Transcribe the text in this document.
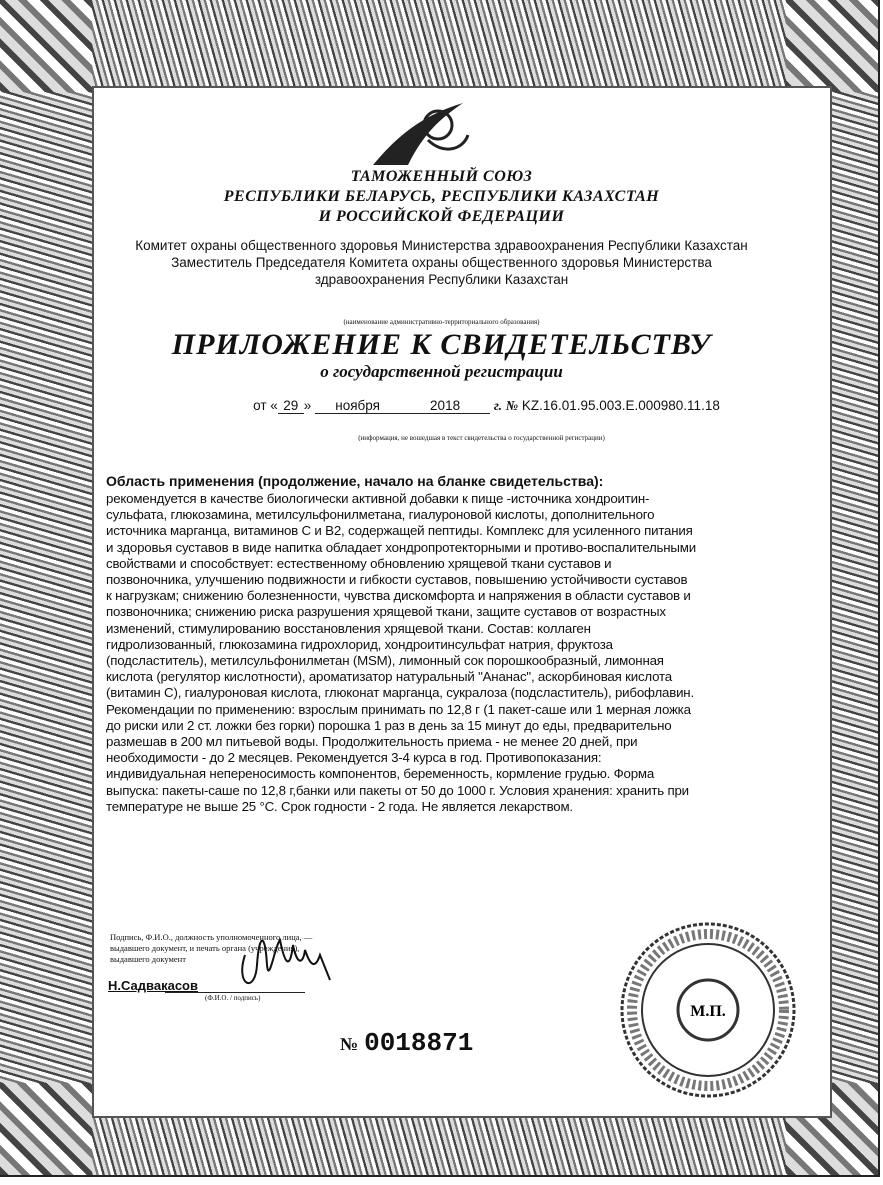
ТАМОЖЕННЫЙ СОЮЗ
РЕСПУБЛИКИ БЕЛАРУСЬ, РЕСПУБЛИКИ КАЗАХСТАН
И РОССИЙСКОЙ ФЕДЕРАЦИИ
Комитет охраны общественного здоровья Министерства здравоохранения Республики Казахстан
Заместитель Председателя Комитета охраны общественного здоровья Министерства
здравоохранения Республики Казахстан
(наименование административно-территориального образования)
ПРИЛОЖЕНИЕ К СВИДЕТЕЛЬСТВУ
о государственной регистрации
от « 29 » ноября	2018	г. № KZ.16.01.95.003.E.000980.11.18
(информация, не вошедшая в текст свидетельства о государственной регистрации)
Область применения (продолжение, начало на бланке свидетельства):
рекомендуется в качестве биологически активной добавки к пище -источника хондроитин-
сульфата, глюкозамина, метилсульфонилметана, гиалуроновой кислоты, дополнительного
источника марганца, витаминов С и В2, содержащей пептиды. Комплекс для усиленного питания
и здоровья суставов в виде напитка обладает хондропротекторными и противо-воспалительными
свойствами и способствует: естественному обновлению хрящевой ткани суставов и
позвоночника, улучшению подвижности и гибкости суставов, повышению устойчивости суставов
к нагрузкам; снижению болезненности, чувства дискомфорта и напряжения в области суставов и
позвоночника; снижению риска разрушения хрящевой ткани, защите суставов от возрастных
изменений, стимулированию восстановления хрящевой ткани. Состав: коллаген
гидролизованный, глюкозамина гидрохлорид, хондроитинсульфат натрия, фруктоза
(подсластитель), метилсульфонилметан (MSM), лимонный сок порошкообразный, лимонная
кислота (регулятор кислотности), ароматизатор натуральный "Ананас", аскорбиновая кислота
(витамин С), гиалуроновая кислота, глюконат марганца, сукралоза (подсластитель), рибофлавин.
Рекомендации по применению: взрослым принимать по 12,8 г (1 пакет-саше или 1 мерная ложка
до риски или 2 ст. ложки без горки) порошка 1 раз в день за 15 минут до еды, предварительно
размешав в 200 мл питьевой воды. Продолжительность приема - не менее 20 дней, при
необходимости - до 2 месяцев. Рекомендуется 3-4 курса в год. Противопоказания:
индивидуальная непереносимость компонентов, беременность, кормление грудью. Форма
выпуска: пакеты-саше по 12,8 г,банки или пакеты от 50 до 1000 г. Условия хранения: хранить при
температуре не выше 25 °С. Срок годности - 2 года. Не является лекарством.
Подпись, Ф.И.О., должность уполномоченного лица, —
выдавшего документ, и печать органа (учреждения),
выдавшего документ
Н.Садвакасов
(Ф.И.О. / подпись)
№ 0018871
М.П.
